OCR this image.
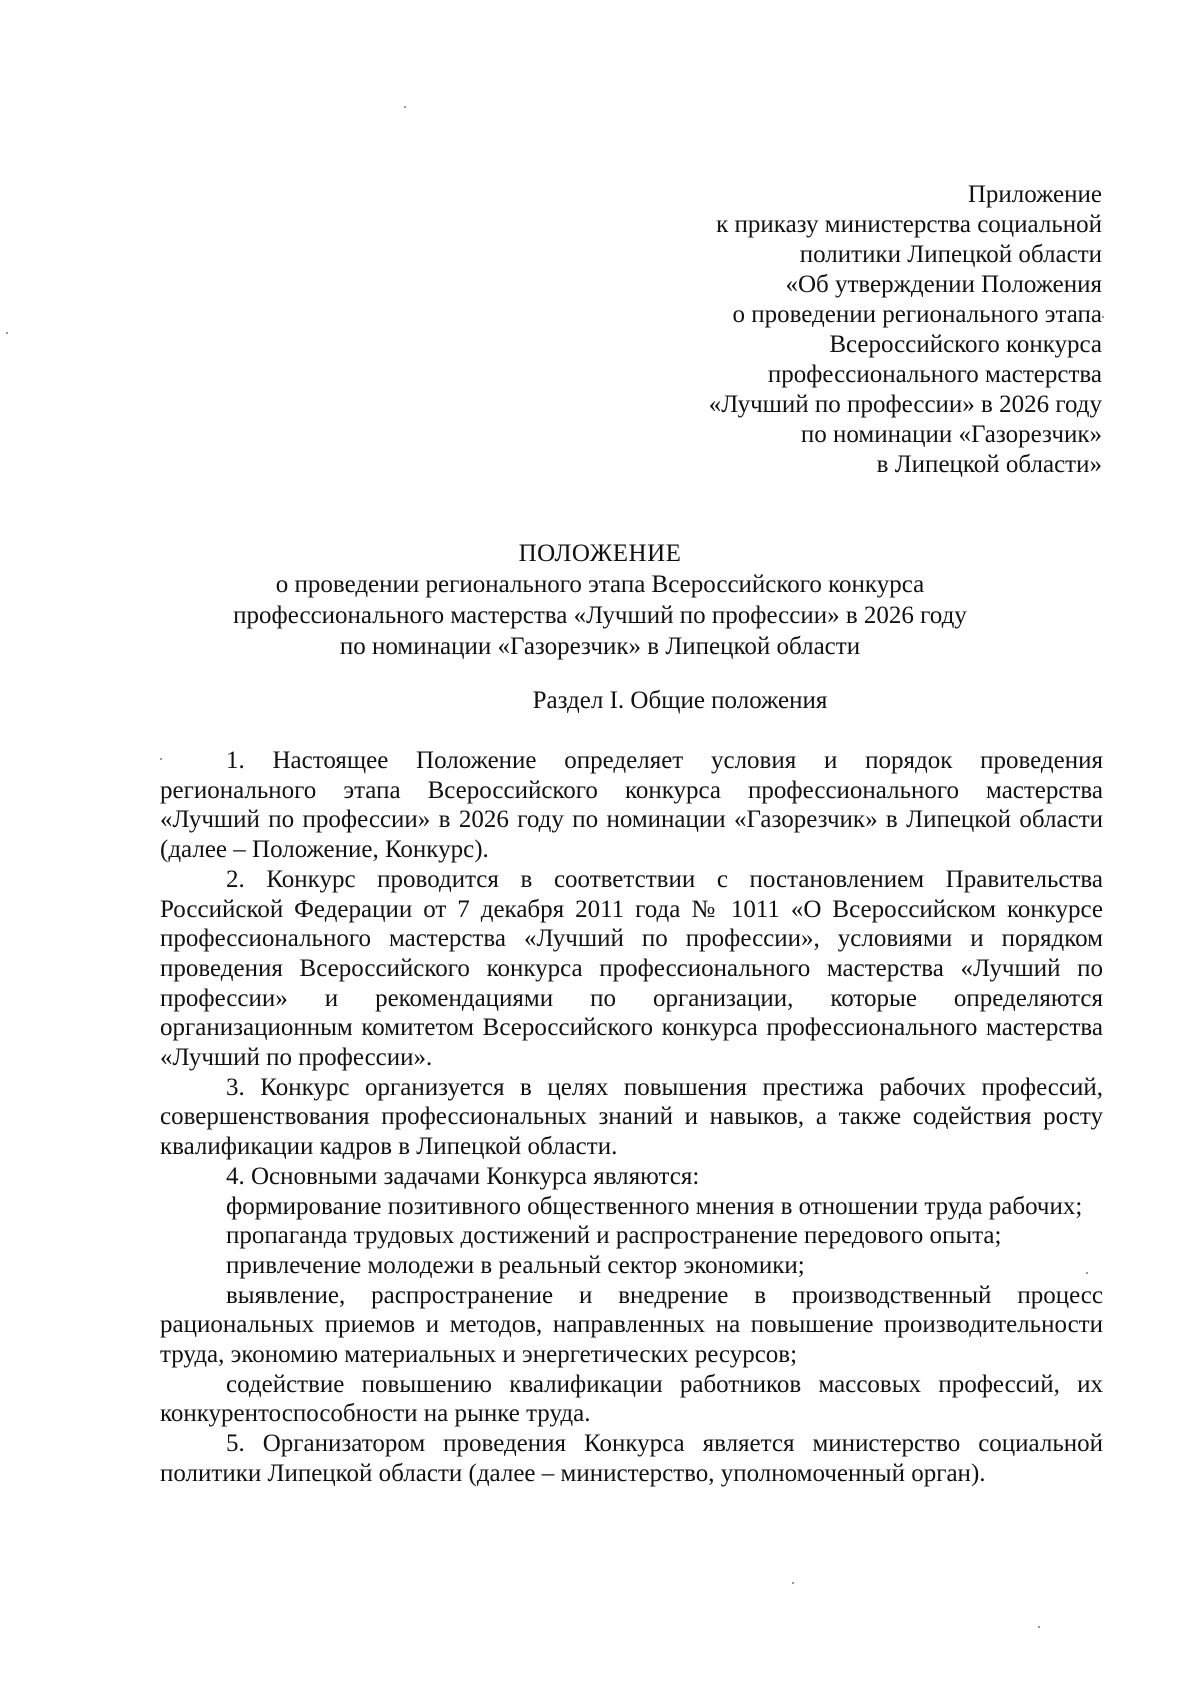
Приложение
к приказу министерства социальной
политики Липецкой области
«Об утверждении Положения
о проведении регионального этапа
Всероссийского конкурса
профессионального мастерства
«Лучший по профессии» в 2026 году
по номинации «Газорезчик»
в Липецкой области»
ПОЛОЖЕНИЕ
о проведении регионального этапа Всероссийского конкурса
профессионального мастерства «Лучший по профессии» в 2026 году
по номинации «Газорезчик» в Липецкой области
Раздел I. Общие положения

1. Настоящее Положение определяет условия и порядок проведения регионального этапа Всероссийского конкурса профессионального мастерства «Лучший по профессии» в 2026 году по номинации «Газорезчик» в Липецкой области (далее – Положение, Конкурс).

2. Конкурс проводится в соответствии с постановлением Правительства Российской Федерации от 7 декабря 2011 года № 1011 «О Всероссийском конкурсе профессионального мастерства «Лучший по профессии», условиями и порядком проведения Всероссийского конкурса профессионального мастерства «Лучший по профессии» и рекомендациями по организации, которые определяются организационным комитетом Всероссийского конкурса профессионального мастерства «Лучший по профессии».

3. Конкурс организуется в целях повышения престижа рабочих профессий, совершенствования профессиональных знаний и навыков, а также содействия росту квалификации кадров в Липецкой области.

4. Основными задачами Конкурса являются:

формирование позитивного общественного мнения в отношении труда рабочих;

пропаганда трудовых достижений и распространение передового опыта;

привлечение молодежи в реальный сектор экономики;

выявление, распространение и внедрение в производственный процесс рациональных приемов и методов, направленных на повышение производительности труда, экономию материальных и энергетических ресурсов;

содействие повышению квалификации работников массовых профессий, их конкурентоспособности на рынке труда.

5. Организатором проведения Конкурса является министерство социальной политики Липецкой области (далее – министерство, уполномоченный орган).
